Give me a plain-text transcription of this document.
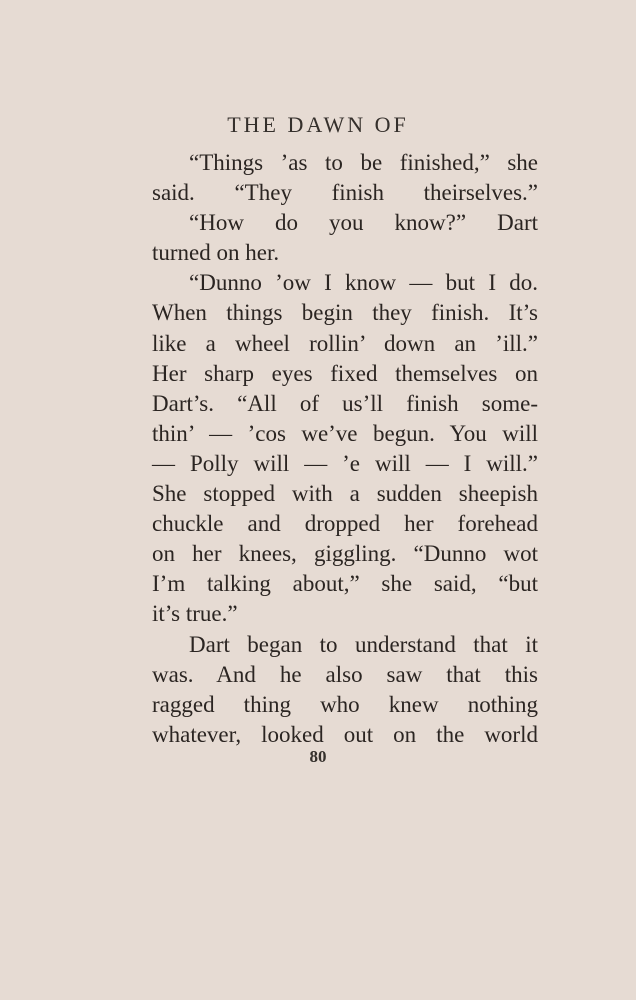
THE DAWN OF
“Things ’as to be finished,” she
said. “They finish theirselves.”
“How do you know?” Dart
turned on her.
“Dunno ’ow I know — but I do.
When things begin they finish. It’s
like a wheel rollin’ down an ’ill.”
Her sharp eyes fixed themselves on
Dart’s. “All of us’ll finish some-
thin’ — ’cos we’ve begun. You will
— Polly will — ’e will — I will.”
She stopped with a sudden sheepish
chuckle and dropped her forehead
on her knees, giggling. “Dunno wot
I’m talking about,” she said, “but
it’s true.”
Dart began to understand that it
was. And he also saw that this
ragged thing who knew nothing
whatever, looked out on the world
80
